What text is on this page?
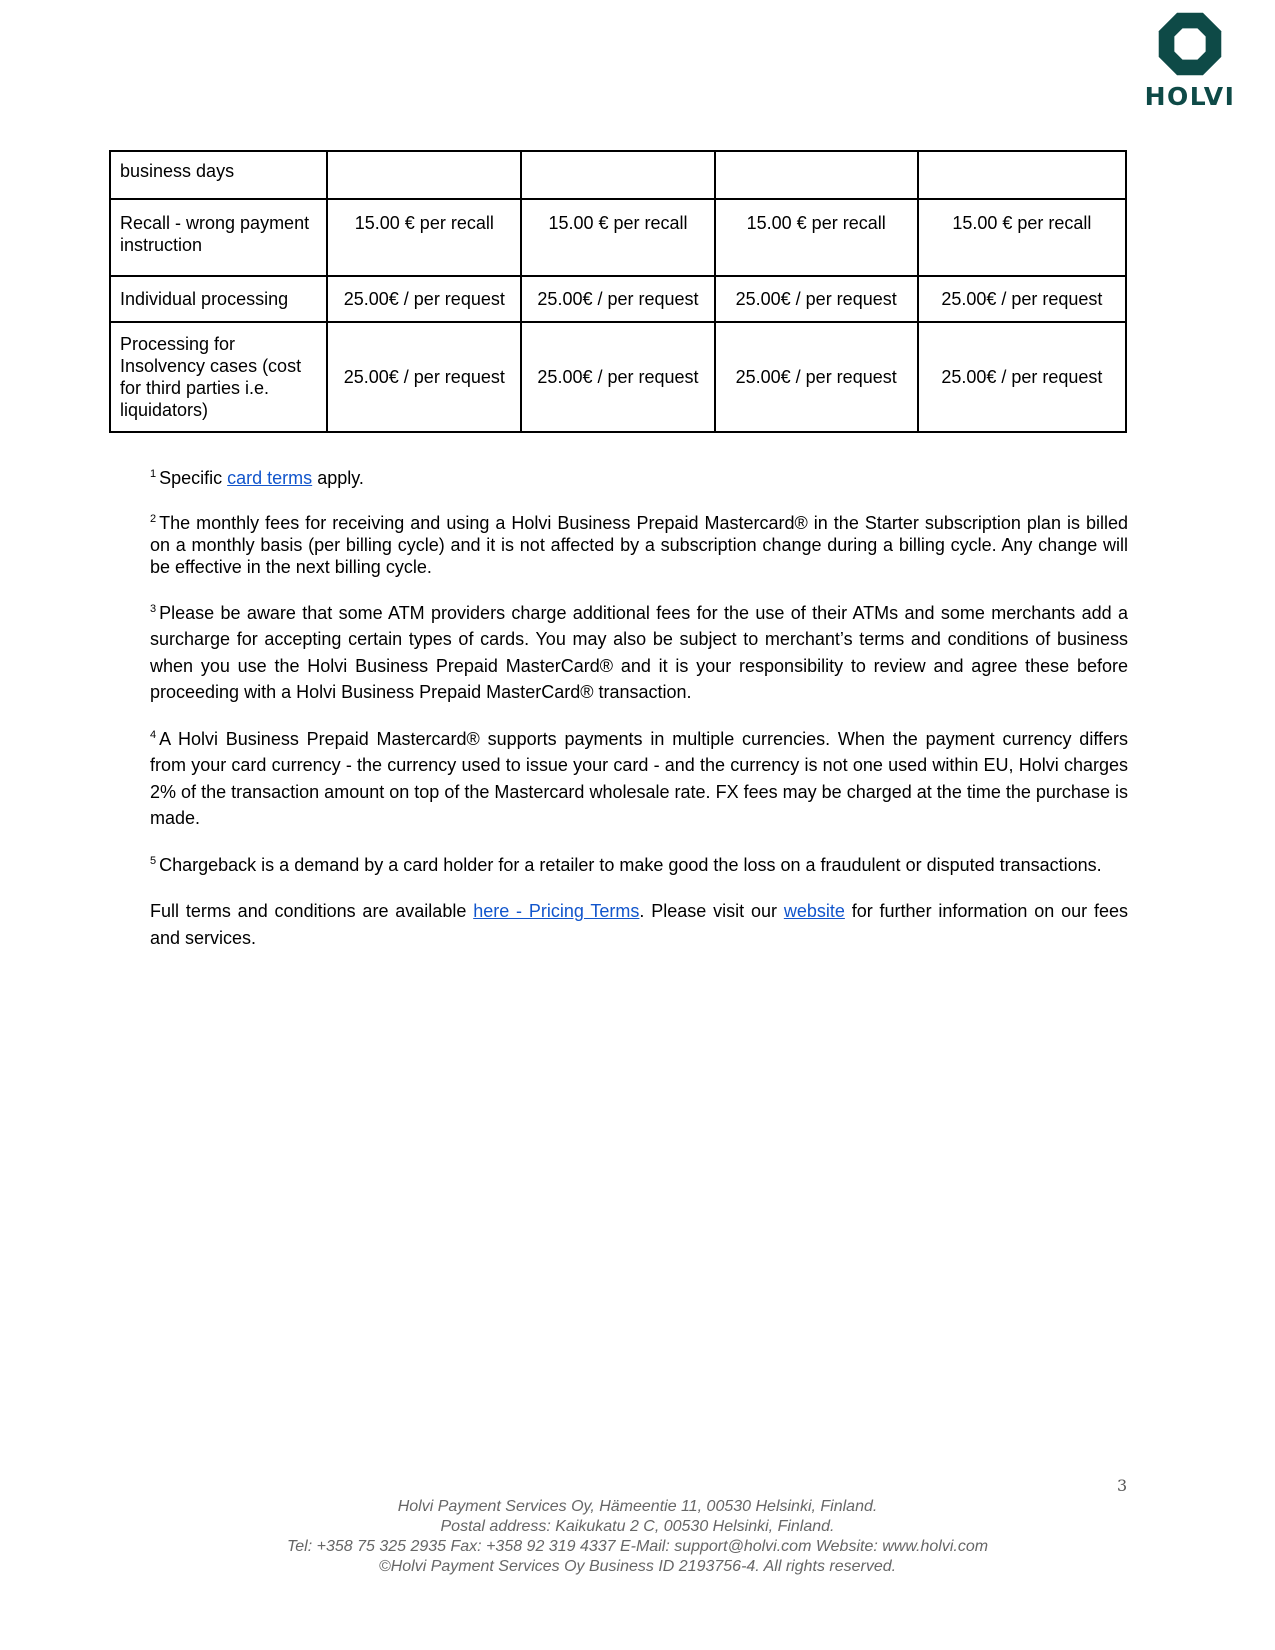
HOLVI
business days				
Recall - wrong payment instruction	15.00 € per recall	15.00 € per recall	15.00 € per recall	15.00 € per recall
Individual processing	25.00€ / per request	25.00€ / per request	25.00€ / per request	25.00€ / per request
Processing for Insolvency cases (cost for third parties i.e. liquidators)	25.00€ / per request	25.00€ / per request	25.00€ / per request	25.00€ / per request

$^1$ Specific card terms apply.

$^2$ The monthly fees for receiving and using a Holvi Business Prepaid Mastercard® in the Starter subscription plan is billed on a monthly basis (per billing cycle) and it is not affected by a subscription change during a billing cycle. Any change will be effective in the next billing cycle.

$^3$ Please be aware that some ATM providers charge additional fees for the use of their ATMs and some merchants add a surcharge for accepting certain types of cards. You may also be subject to merchant’s terms and conditions of business when you use the Holvi Business Prepaid MasterCard® and it is your responsibility to review and agree these before proceeding with a Holvi Business Prepaid MasterCard® transaction.

$^4$ A Holvi Business Prepaid Mastercard® supports payments in multiple currencies. When the payment currency differs from your card currency - the currency used to issue your card - and the currency is not one used within EU, Holvi charges 2% of the transaction amount on top of the Mastercard wholesale rate. FX fees may be charged at the time the purchase is made.

$^5$ Chargeback is a demand by a card holder for a retailer to make good the loss on a fraudulent or disputed transactions.

Full terms and conditions are available here - Pricing Terms. Please visit our website for further information on our fees and services.

3
Holvi Payment Services Oy, Hämeentie 11, 00530 Helsinki, Finland.
Postal address: Kaikukatu 2 C, 00530 Helsinki, Finland.
Tel: +358 75 325 2935 Fax: +358 92 319 4337 E-Mail: support@holvi.com Website: www.holvi.com
©Holvi Payment Services Oy Business ID 2193756-4. All rights reserved.
